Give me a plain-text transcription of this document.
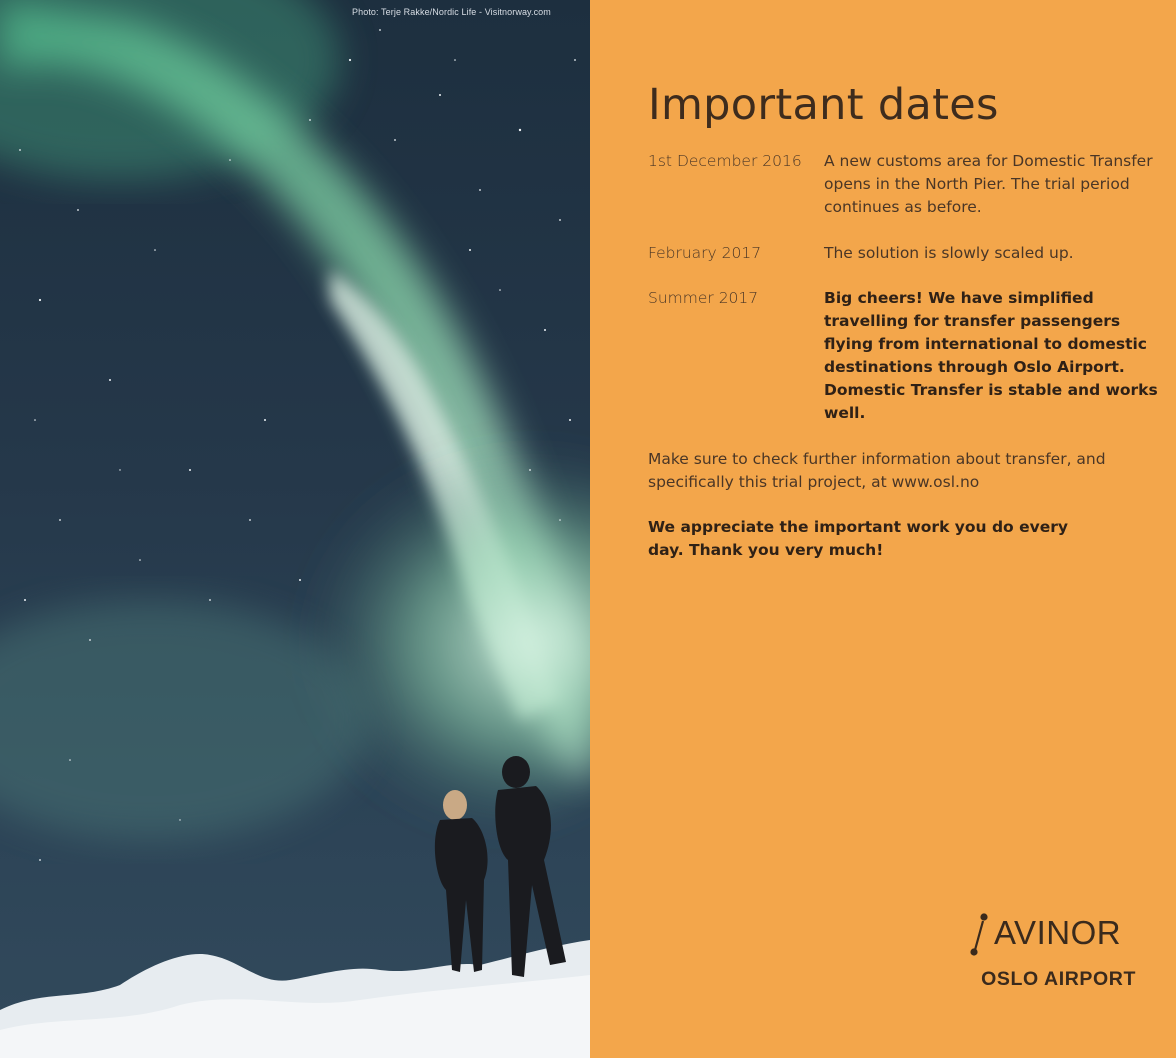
Photo: Terje Rakke/Nordic Life - Visitnorway.com
Important dates
1st December 2016	A new customs area for Domestic Transfer opens in the North Pier. The trial period continues as before.
February 2017	The solution is slowly scaled up.
Summer 2017	Big cheers! We have simplified travelling for transfer passengers flying from international to domestic destinations through Oslo Airport. Domestic Transfer is stable and works well.
Make sure to check further information about transfer, and specifically this trial project, at www.osl.no
We appreciate the important work you do every day. Thank you very much!
AVINOR
OSLO AIRPORT
